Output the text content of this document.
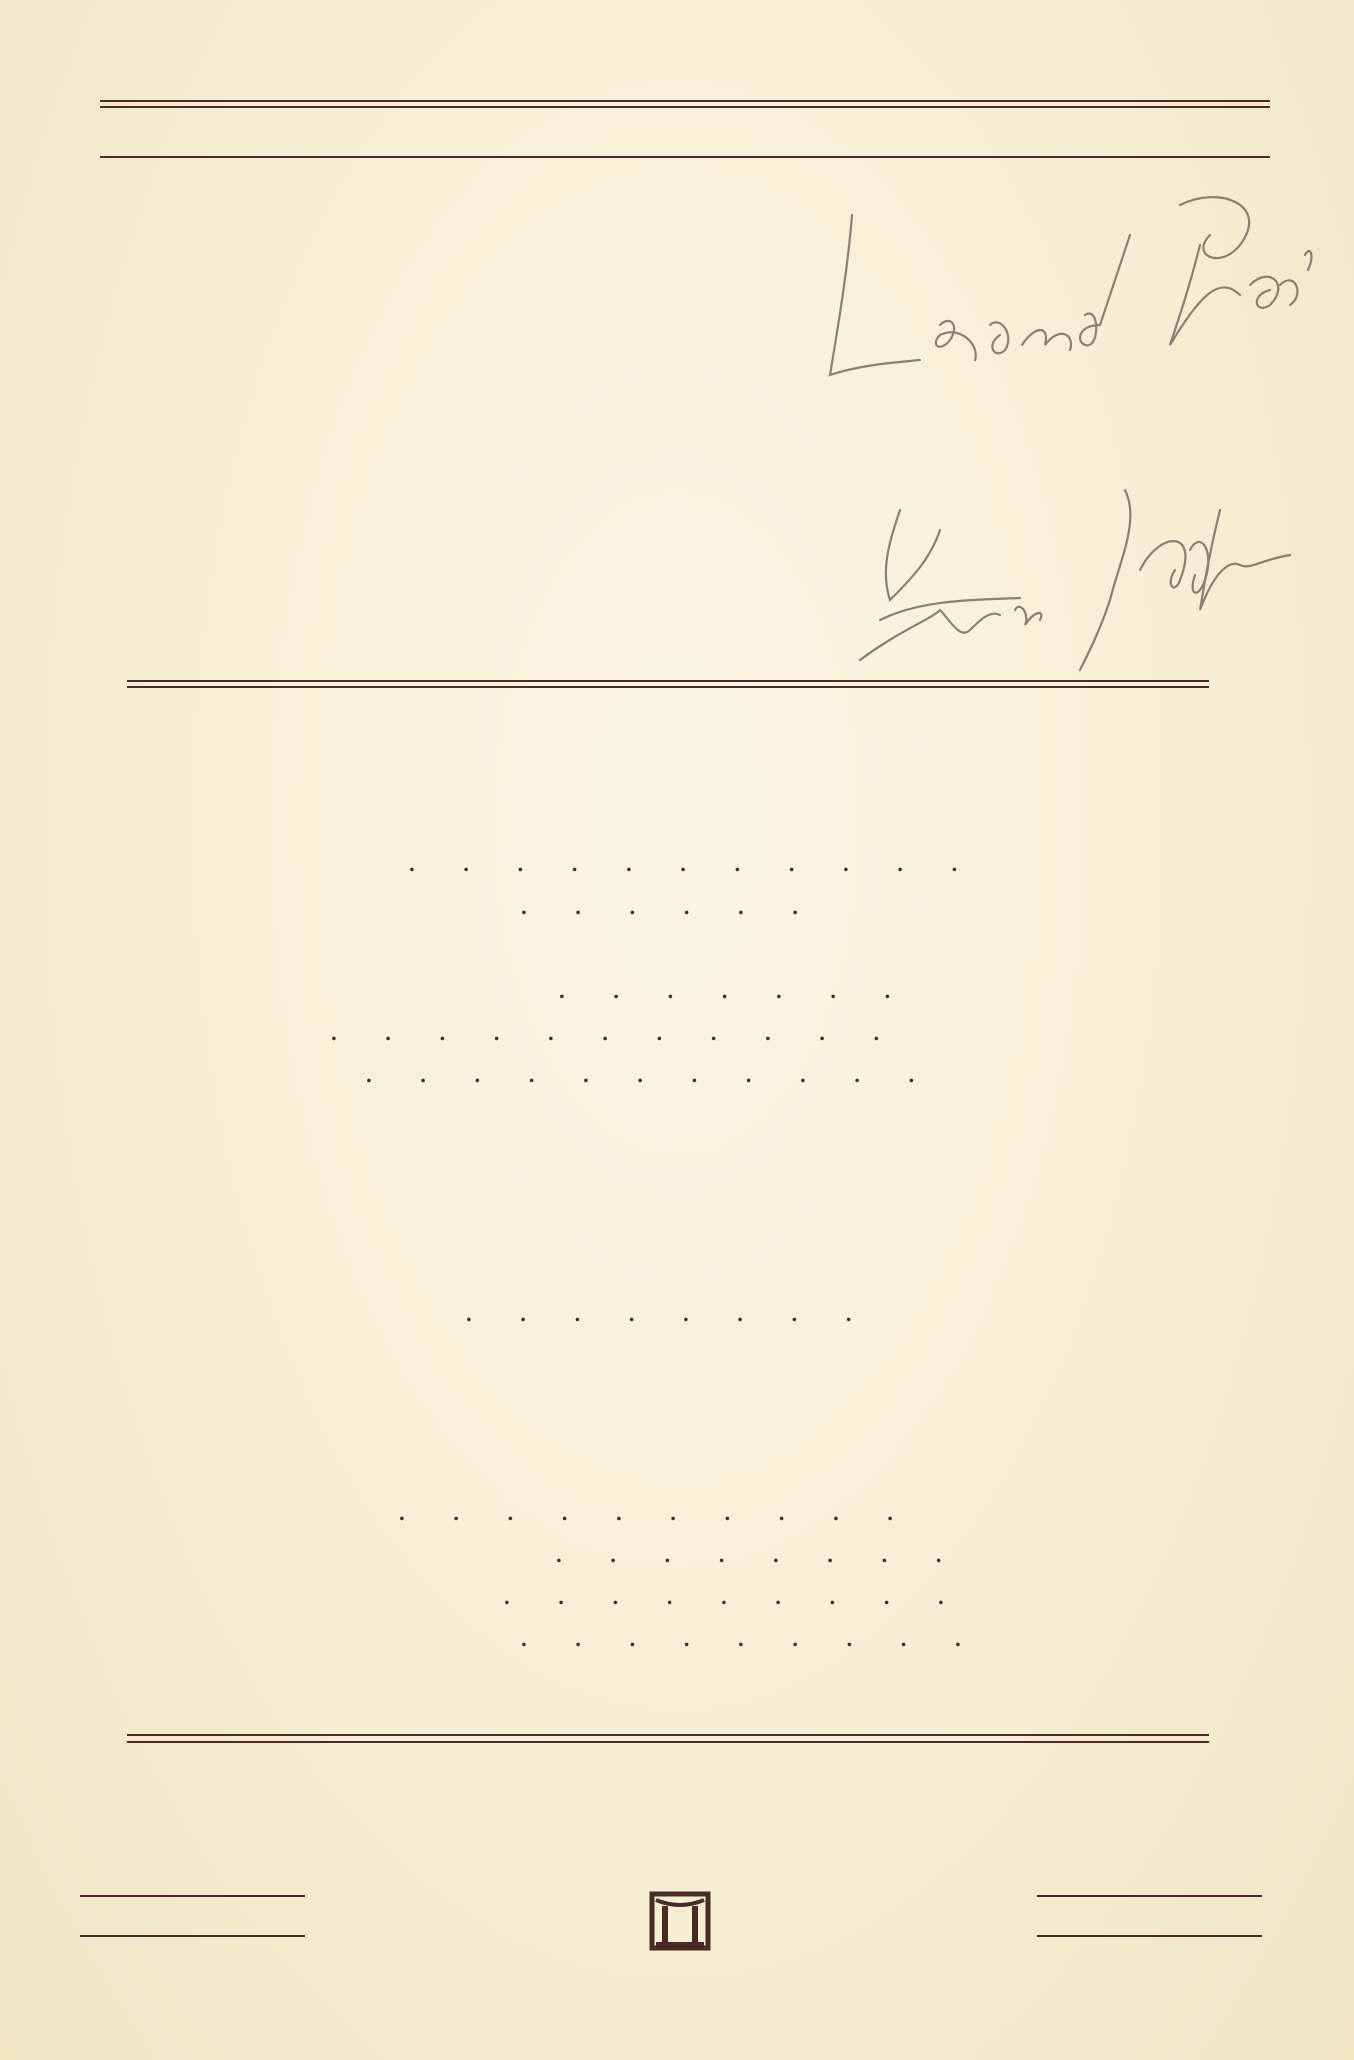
.      .      .      .      .      .      .      .      .      .      .
.      .      .      .      .      .
.      .      .      .      .      .      .
.      .      .      .      .      .      .      .      .      .      .
.      .      .      .      .      .      .      .      .      .      .
.      .      .      .      .      .      .      .
.      .      .      .      .      .      .      .      .      .
.      .      .      .      .      .      .      .
.      .      .      .      .      .      .      .      .
.      .      .      .      .      .      .      .      .
